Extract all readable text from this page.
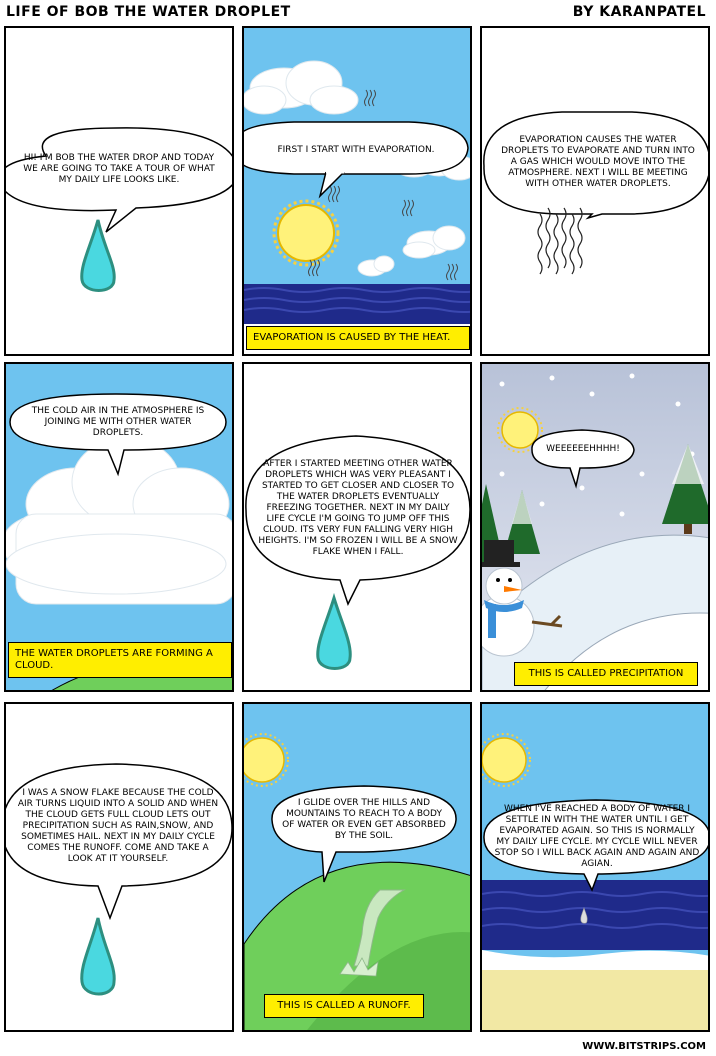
LIFE OF BOB THE WATER DROPLET	BY KARANPATEL
HI! I'M BOB THE WATER DROP AND TODAY WE ARE GOING TO TAKE A TOUR OF WHAT MY DAILY LIFE LOOKS LIKE.
FIRST I START WITH EVAPORATION.
EVAPORATION IS CAUSED BY THE HEAT.
EVAPORATION CAUSES THE WATER DROPLETS TO EVAPORATE AND TURN INTO A GAS WHICH WOULD MOVE INTO THE ATMOSPHERE. NEXT I WILL BE MEETING WITH OTHER WATER DROPLETS.
THE COLD AIR IN THE ATMOSPHERE IS JOINING ME WITH OTHER WATER DROPLETS.
THE WATER DROPLETS ARE FORMING A CLOUD.
AFTER I STARTED MEETING OTHER WATER DROPLETS WHICH WAS VERY PLEASANT I STARTED TO GET CLOSER AND CLOSER TO THE WATER DROPLETS EVENTUALLY FREEZING TOGETHER. NEXT IN MY DAILY LIFE CYCLE I'M GOING TO JUMP OFF THIS CLOUD. ITS VERY FUN FALLING VERY HIGH HEIGHTS. I'M SO FROZEN I WILL BE A SNOW FLAKE WHEN I FALL.
WEEEEEEHHHH!
THIS IS CALLED PRECIPITATION
I WAS A SNOW FLAKE BECAUSE THE COLD AIR TURNS LIQUID INTO A SOLID AND WHEN THE CLOUD GETS FULL CLOUD LETS OUT PRECIPITATION SUCH AS RAIN,SNOW, AND SOMETIMES HAIL. NEXT IN MY DAILY CYCLE COMES THE RUNOFF. COME AND TAKE A LOOK AT IT YOURSELF.
I GLIDE OVER THE HILLS AND MOUNTAINS TO REACH TO A BODY OF WATER OR EVEN GET ABSORBED BY THE SOIL.
THIS IS CALLED A RUNOFF.
WHEN I'VE REACHED A BODY OF WATER I SETTLE IN WITH THE WATER UNTIL I GET EVAPORATED AGAIN. SO THIS IS NORMALLY MY DAILY LIFE CYCLE. MY CYCLE WILL NEVER STOP SO I WILL BACK AGAIN AND AGAIN AND AGIAN.
WWW.BITSTRIPS.COM
